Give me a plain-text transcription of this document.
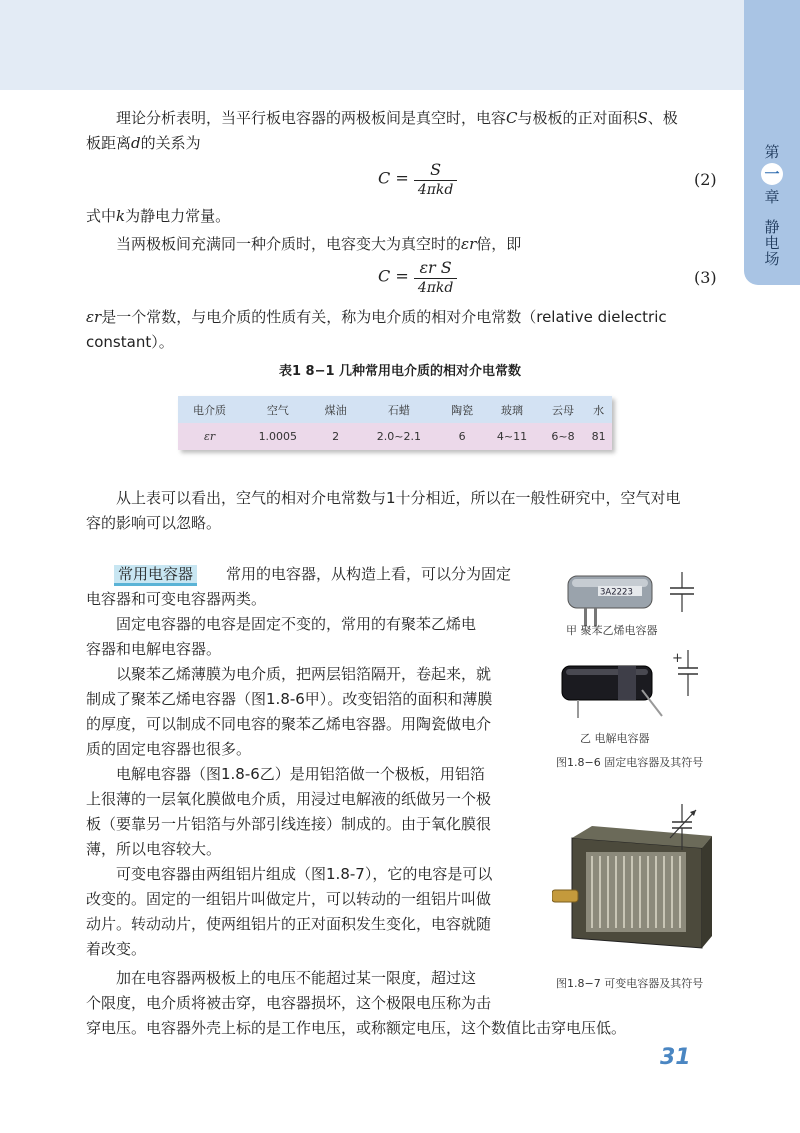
第
一
章
静
电
场
理论分析表明，当平行板电容器的两极板间是真空时，电容C与极板的正对面积S、极
板距离d的关系为
$C = \frac{S}{\text{4πkd}}$	(2)
式中k为静电力常量。
当两极板间充满同一种介质时，电容变大为真空时的εr倍，即
$C = \frac{\text{εr S}}{\text{4πkd}}$	(3)
εr是一个常数，与电介质的性质有关，称为电介质的相对介电常数（relative dielectric
constant）。
表1 8−1 几种常用电介质的相对介电常数
电介质	空气	煤油	石蜡	陶瓷	玻璃	云母	水
εr	1.0005	2	2.0~2.1	6	4~11	6~8	81
从上表可以看出，空气的相对介电常数与1十分相近，所以在一般性研究中，空气对电
容的影响可以忽略。
常用电容器 常用的电容器，从构造上看，可以分为固定
电容器和可变电容器两类。
固定电容器的电容是固定不变的，常用的有聚苯乙烯电
容器和电解电容器。
以聚苯乙烯薄膜为电介质，把两层铝箔隔开，卷起来，就
制成了聚苯乙烯电容器（图1.8-6甲）。改变铝箔的面积和薄膜
的厚度，可以制成不同电容的聚苯乙烯电容器。用陶瓷做电介
质的固定电容器也很多。
电解电容器（图1.8-6乙）是用铝箔做一个极板，用铝箔
上很薄的一层氧化膜做电介质，用浸过电解液的纸做另一个极
板（要靠另一片铝箔与外部引线连接）制成的。由于氧化膜很
薄，所以电容较大。
可变电容器由两组铝片组成（图1.8-7），它的电容是可以
改变的。固定的一组铝片叫做定片，可以转动的一组铝片叫做
动片。转动动片，使两组铝片的正对面积发生变化，电容就随
着改变。
加在电容器两极板上的电压不能超过某一限度，超过这
个限度，电介质将被击穿，电容器损坏，这个极限电压称为击
穿电压。电容器外壳上标的是工作电压，或称额定电压，这个数值比击穿电压低。
3A2223
甲 聚苯乙烯电容器
+
乙 电解电容器
图1.8−6 固定电容器及其符号
图1.8−7 可变电容器及其符号
31
